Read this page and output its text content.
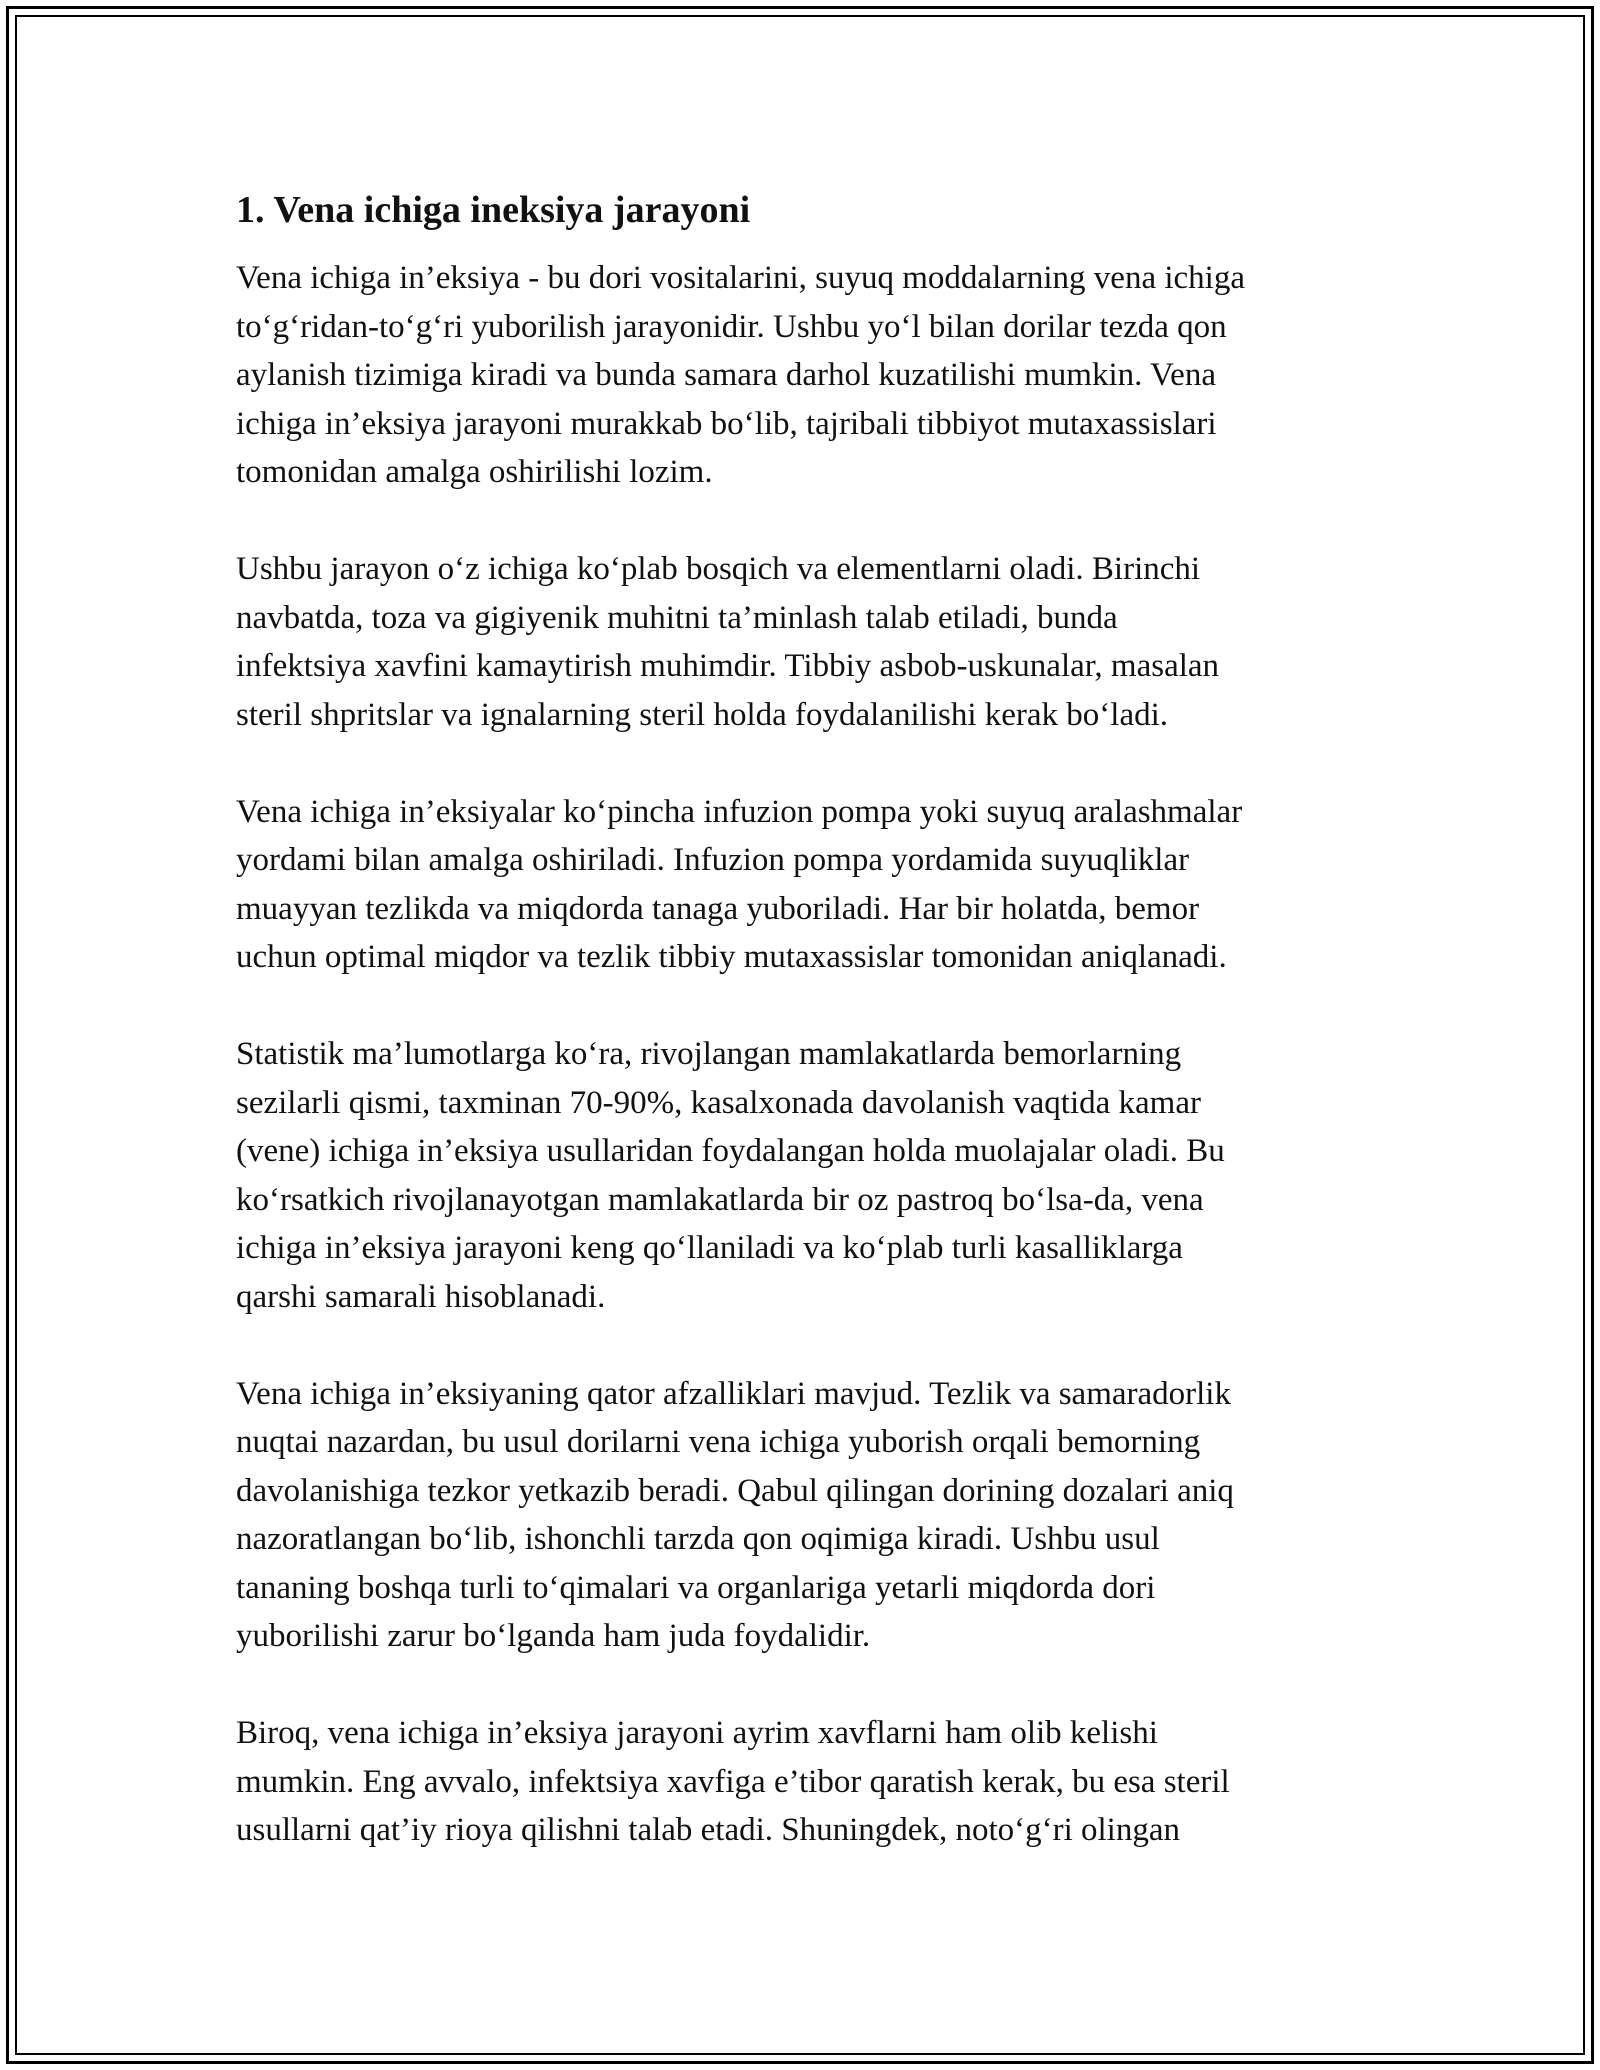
1. Vena ichiga ineksiya jarayoni
Vena ichiga in’eksiya - bu dori vositalarini, suyuq moddalarning vena ichiga
to‘g‘ridan-to‘g‘ri yuborilish jarayonidir. Ushbu yo‘l bilan dorilar tezda qon
aylanish tizimiga kiradi va bunda samara darhol kuzatilishi mumkin. Vena
ichiga in’eksiya jarayoni murakkab bo‘lib, tajribali tibbiyot mutaxassislari
tomonidan amalga oshirilishi lozim.
Ushbu jarayon o‘z ichiga ko‘plab bosqich va elementlarni oladi. Birinchi
navbatda, toza va gigiyenik muhitni ta’minlash talab etiladi, bunda
infektsiya xavfini kamaytirish muhimdir. Tibbiy asbob-uskunalar, masalan
steril shpritslar va ignalarning steril holda foydalanilishi kerak bo‘ladi.
Vena ichiga in’eksiyalar ko‘pincha infuzion pompa yoki suyuq aralashmalar
yordami bilan amalga oshiriladi. Infuzion pompa yordamida suyuqliklar
muayyan tezlikda va miqdorda tanaga yuboriladi. Har bir holatda, bemor
uchun optimal miqdor va tezlik tibbiy mutaxassislar tomonidan aniqlanadi.
Statistik ma’lumotlarga ko‘ra, rivojlangan mamlakatlarda bemorlarning
sezilarli qismi, taxminan 70-90%, kasalxonada davolanish vaqtida kamar
(vene) ichiga in’eksiya usullaridan foydalangan holda muolajalar oladi. Bu
ko‘rsatkich rivojlanayotgan mamlakatlarda bir oz pastroq bo‘lsa-da, vena
ichiga in’eksiya jarayoni keng qo‘llaniladi va ko‘plab turli kasalliklarga
qarshi samarali hisoblanadi.
Vena ichiga in’eksiyaning qator afzalliklari mavjud. Tezlik va samaradorlik
nuqtai nazardan, bu usul dorilarni vena ichiga yuborish orqali bemorning
davolanishiga tezkor yetkazib beradi. Qabul qilingan dorining dozalari aniq
nazoratlangan bo‘lib, ishonchli tarzda qon oqimiga kiradi. Ushbu usul
tananing boshqa turli to‘qimalari va organlariga yetarli miqdorda dori
yuborilishi zarur bo‘lganda ham juda foydalidir.
Biroq, vena ichiga in’eksiya jarayoni ayrim xavflarni ham olib kelishi
mumkin. Eng avvalo, infektsiya xavfiga e’tibor qaratish kerak, bu esa steril
usullarni qat’iy rioya qilishni talab etadi. Shuningdek, noto‘g‘ri olingan
